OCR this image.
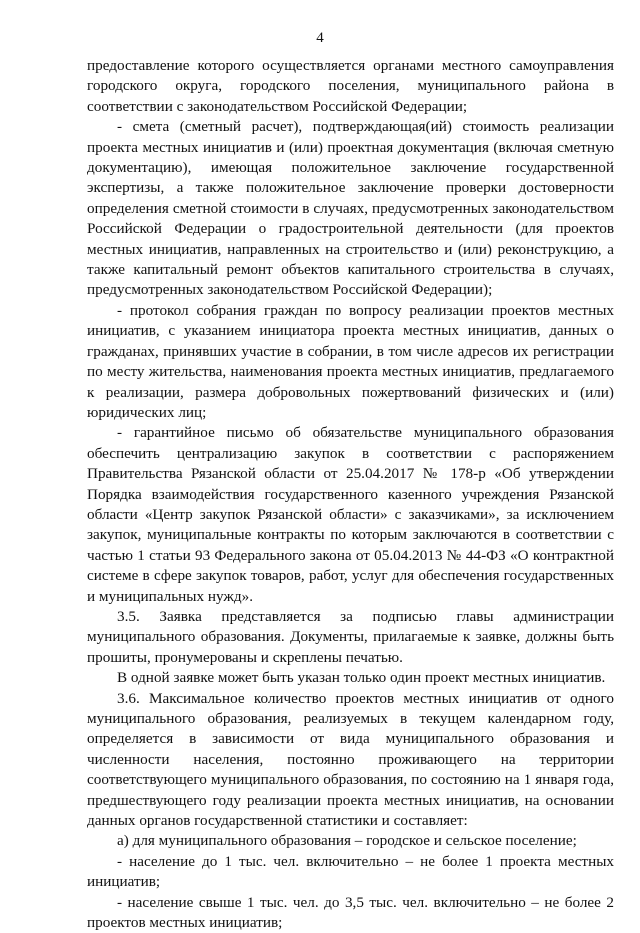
4

предоставление которого осуществляется органами местного самоуправления городского округа, городского поселения, муниципального района в соответствии с законодательством Российской Федерации;

- смета (сметный расчет), подтверждающая(ий) стоимость реализации проекта местных инициатив и (или) проектная документация (включая сметную документацию), имеющая положительное заключение государственной экспертизы, а также положительное заключение проверки достоверности определения сметной стоимости в случаях, предусмотренных законодательством Российской Федерации о градостроительной деятельности (для проектов местных инициатив, направленных на строительство и (или) реконструкцию, а также капитальный ремонт объектов капитального строительства в случаях, предусмотренных законодательством Российской Федерации);

- протокол собрания граждан по вопросу реализации проектов местных инициатив, с указанием инициатора проекта местных инициатив, данных о гражданах, принявших участие в собрании, в том числе адресов их регистрации по месту жительства, наименования проекта местных инициатив, предлагаемого к реализации, размера добровольных пожертвований физических и (или) юридических лиц;

- гарантийное письмо об обязательстве муниципального образования обеспечить централизацию закупок в соответствии с распоряжением Правительства Рязанской области от 25.04.2017 № 178-р «Об утверждении Порядка взаимодействия государственного казенного учреждения Рязанской области «Центр закупок Рязанской области» с заказчиками», за исключением закупок, муниципальные контракты по которым заключаются в соответствии с частью 1 статьи 93 Федерального закона от 05.04.2013 № 44-ФЗ «О контрактной системе в сфере закупок товаров, работ, услуг для обеспечения государственных и муниципальных нужд».

3.5. Заявка представляется за подписью главы администрации муниципального образования. Документы, прилагаемые к заявке, должны быть прошиты, пронумерованы и скреплены печатью.

В одной заявке может быть указан только один проект местных инициатив.

3.6. Максимальное количество проектов местных инициатив от одного муниципального образования, реализуемых в текущем календарном году, определяется в зависимости от вида муниципального образования и численности населения, постоянно проживающего на территории соответствующего муниципального образования, по состоянию на 1 января года, предшествующего году реализации проекта местных инициатив, на основании данных органов государственной статистики и составляет:

а) для муниципального образования – городское и сельское поселение;

- население до 1 тыс. чел. включительно – не более 1 проекта местных инициатив;

- население свыше 1 тыс. чел. до 3,5 тыс. чел. включительно – не более 2 проектов местных инициатив;
